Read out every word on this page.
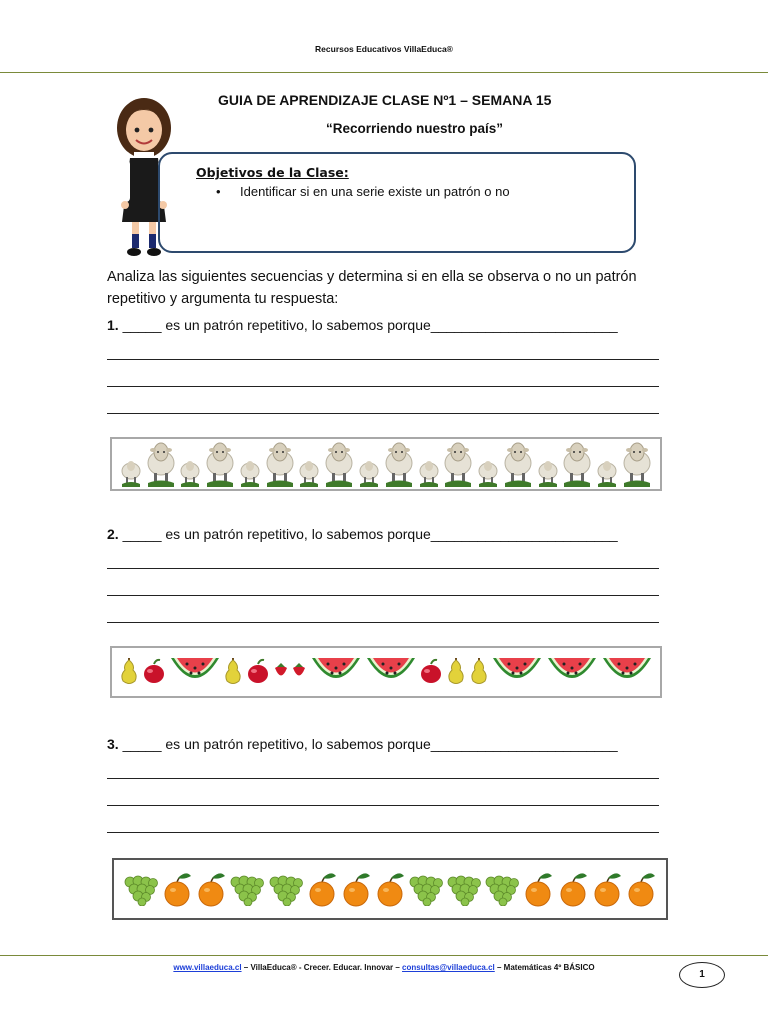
Recursos Educativos VillaEduca®
GUIA DE APRENDIZAJE CLASE Nº1 – SEMANA 15
“Recorriendo nuestro país”
Objetivos de la Clase:
• Identificar si en una serie existe un patrón o no
Analiza las siguientes secuencias y determina si en ella se observa o no un patrón repetitivo y argumenta tu respuesta:
1. _____ es un patrón repetitivo, lo sabemos porque________________________
2. _____ es un patrón repetitivo, lo sabemos porque________________________
3. _____ es un patrón repetitivo, lo sabemos porque________________________
www.villaeduca.cl – VillaEduca® - Crecer. Educar. Innovar – consultas@villaeduca.cl – Matemáticas 4º BÁSICO
1
